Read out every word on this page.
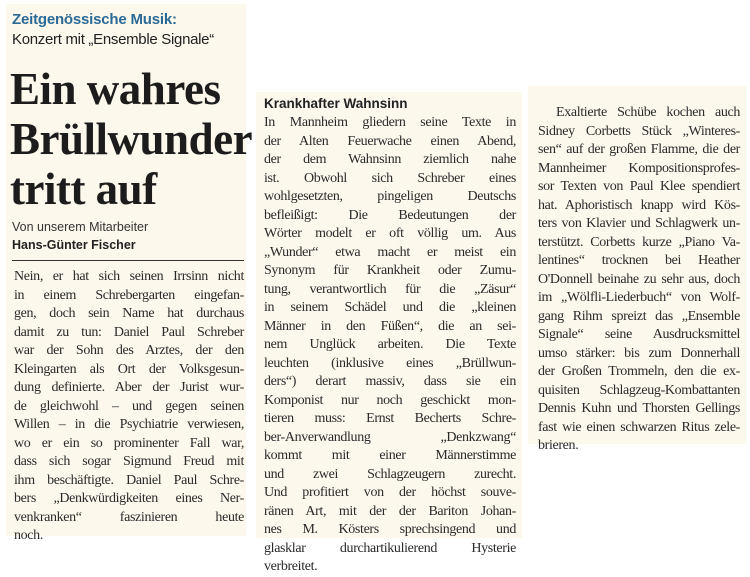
Zeitgenössische Musik:
Konzert mit „Ensemble Signale“
Ein wahres
Brüllwunder
tritt auf
Von unserem Mitarbeiter
Hans-Günter Fischer
Nein, er hat sich seinen Irrsinn nicht
in einem Schrebergarten eingefan-
gen, doch sein Name hat durchaus
damit zu tun: Daniel Paul Schreber
war der Sohn des Arztes, der den
Kleingarten als Ort der Volksgesun-
dung definierte. Aber der Jurist wur-
de gleichwohl – und gegen seinen
Willen – in die Psychiatrie verwiesen,
wo er ein so prominenter Fall war,
dass sich sogar Sigmund Freud mit
ihm beschäftigte. Daniel Paul Schre-
bers „Denkwürdigkeiten eines Ner-
venkranken“ faszinieren heute
noch.
Krankhafter Wahnsinn
In Mannheim gliedern seine Texte in
der Alten Feuerwache einen Abend,
der dem Wahnsinn ziemlich nahe
ist. Obwohl sich Schreber eines
wohlgesetzten, pingeligen Deutschs
befleißigt: Die Bedeutungen der
Wörter modelt er oft völlig um. Aus
„Wunder“ etwa macht er meist ein
Synonym für Krankheit oder Zumu-
tung, verantwortlich für die „Zäsur“
in seinem Schädel und die „kleinen
Männer in den Füßen“, die an sei-
nem Unglück arbeiten. Die Texte
leuchten (inklusive eines „Brüllwun-
ders“) derart massiv, dass sie ein
Komponist nur noch geschickt mon-
tieren muss: Ernst Becherts Schre-
ber-Anverwandlung „Denkzwang“
kommt mit einer Männerstimme
und zwei Schlagzeugern zurecht.
Und profitiert von der höchst souve-
ränen Art, mit der der Bariton Johan-
nes M. Kösters sprechsingend und
glasklar durchartikulierend Hysterie
verbreitet.
Exaltierte Schübe kochen auch
Sidney Corbetts Stück „Winteres-
sen“ auf der großen Flamme, die der
Mannheimer Kompositionsprofes-
sor Texten von Paul Klee spendiert
hat. Aphoristisch knapp wird Kös-
ters von Klavier und Schlagwerk un-
terstützt. Corbetts kurze „Piano Va-
lentines“ trocknen bei Heather
O'Donnell beinahe zu sehr aus, doch
im „Wölfli-Liederbuch“ von Wolf-
gang Rihm spreizt das „Ensemble
Signale“ seine Ausdrucksmittel
umso stärker: bis zum Donnerhall
der Großen Trommeln, den die ex-
quisiten Schlagzeug-Kombattanten
Dennis Kuhn und Thorsten Gellings
fast wie einen schwarzen Ritus zele-
brieren.
